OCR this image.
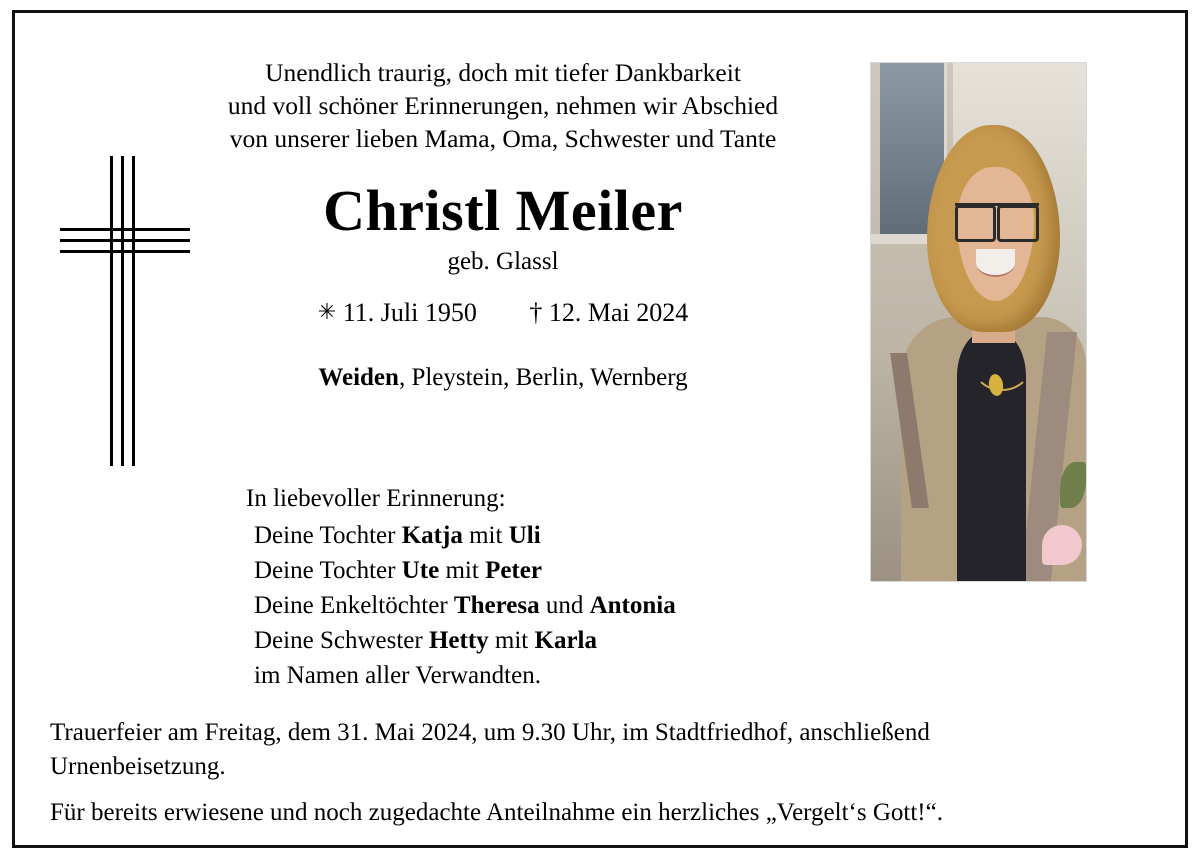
Unendlich traurig, doch mit tiefer Dankbarkeit
und voll schöner Erinnerungen, nehmen wir Abschied
von unserer lieben Mama, Oma, Schwester und Tante
Christl Meiler
geb. Glassl
✳ 11. Juli 1950 † 12. Mai 2024
Weiden, Pleystein, Berlin, Wernberg
In liebevoller Erinnerung:
Deine Tochter Katja mit Uli
Deine Tochter Ute mit Peter
Deine Enkeltöchter Theresa und Antonia
Deine Schwester Hetty mit Karla
im Namen aller Verwandten.

Trauerfeier am Freitag, dem 31. Mai 2024, um 9.30 Uhr, im Stadtfriedhof, anschließend

Urnenbeisetzung.

Für bereits erwiesene und noch zugedachte Anteilnahme ein herzliches „Vergelt‘s Gott!“.
